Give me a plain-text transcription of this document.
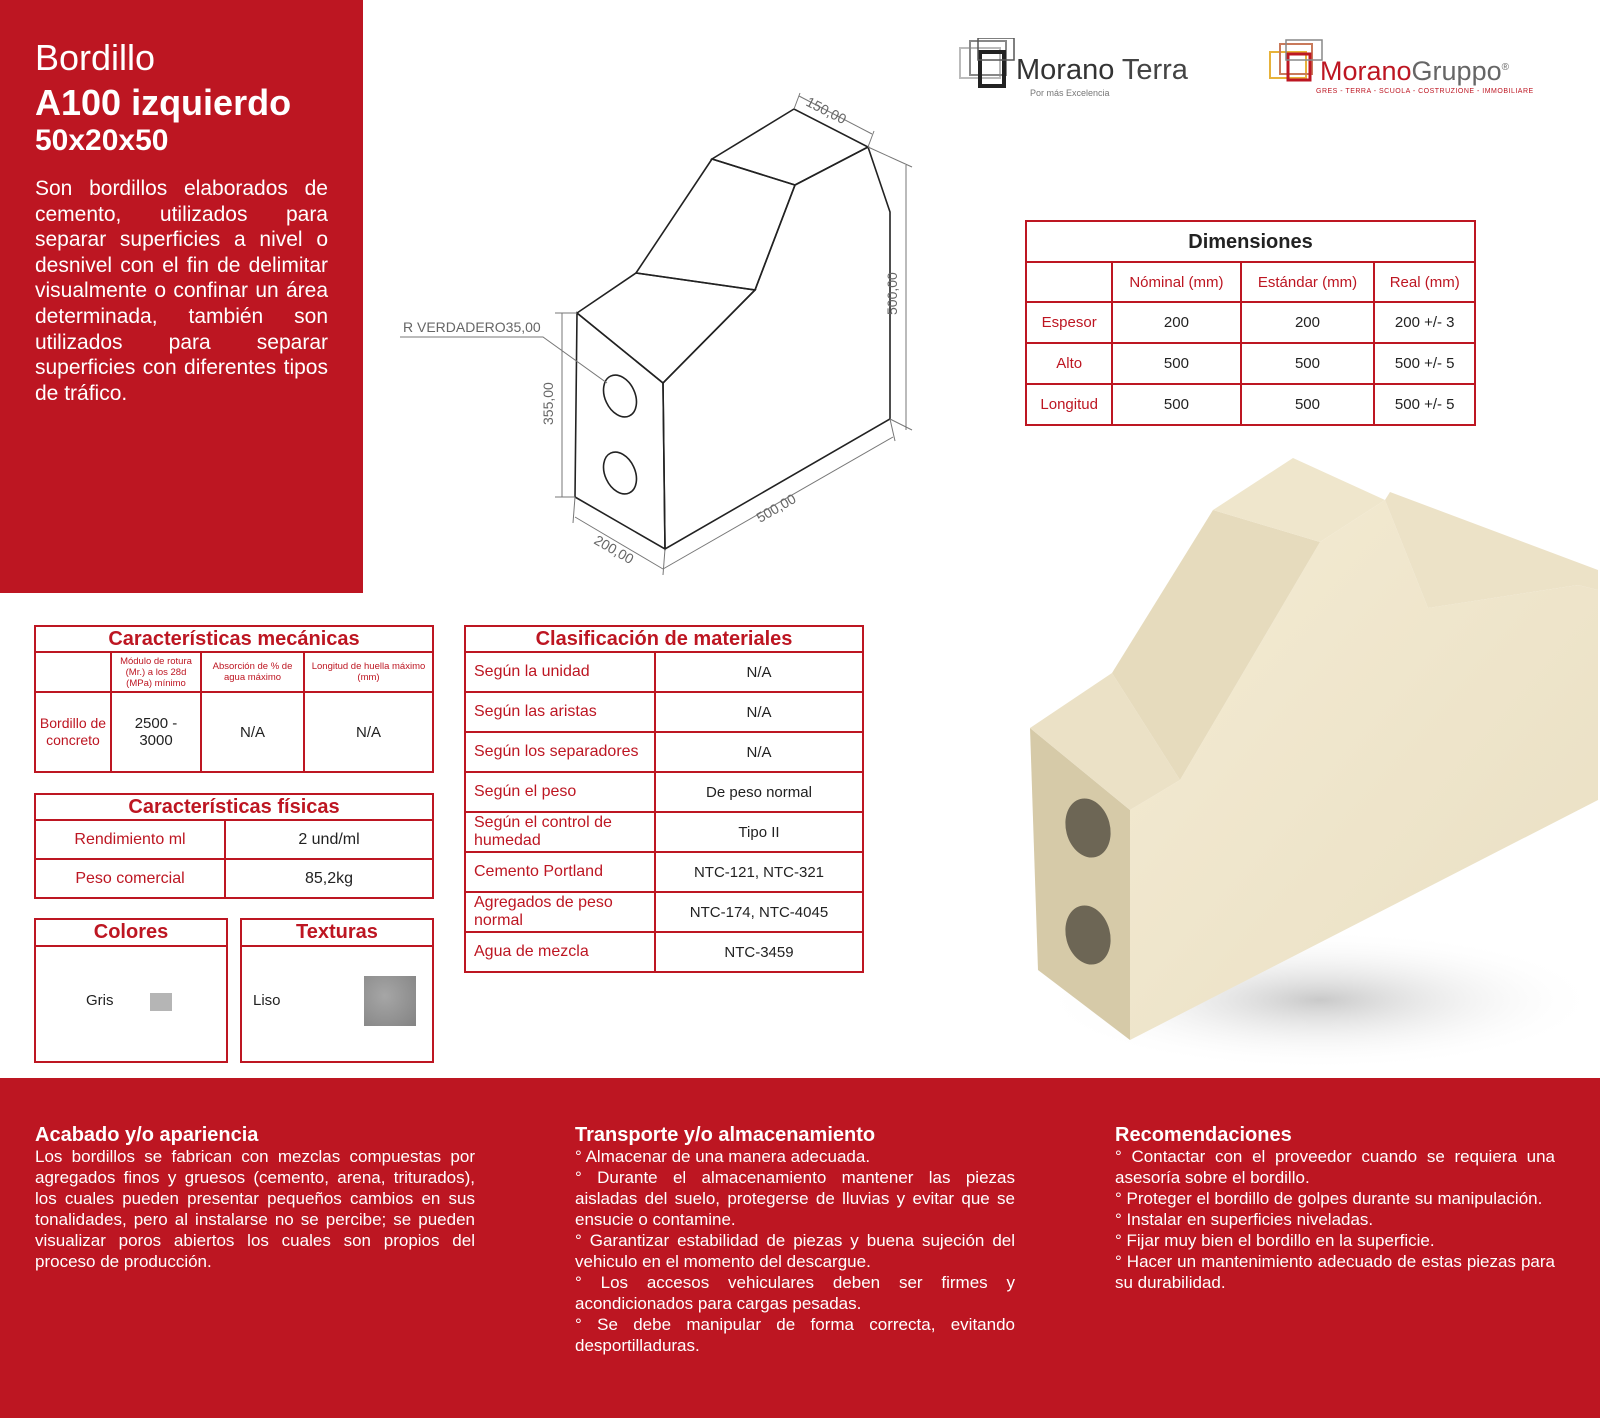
Bordillo
A100 izquierdo
50x20x50
Son bordillos elaborados de cemento, utilizados para separar superficies a nivel o desnivel con el fin de delimitar visualmente o confinar un área determinada, también son utilizados para separar superficies con diferentes tipos de tráfico.
Morano Terra
Por más Excelencia
MoranoGruppo®
GRES - TERRA - SCUOLA - COSTRUZIONE - IMMOBILIARE
150,00
500,00
R VERDADERO35,00
355,00
500,00
200,00
Dimensiones			
	Nóminal (mm)	Estándar (mm)	Real (mm)
Espesor	200	200	200 +/- 3
Alto	500	500	500 +/- 5
Longitud	500	500	500 +/- 5
Características mecánicas			
	Módulo de rotura (Mr.) a los 28d (MPa) mínimo	Absorción de % de agua máximo	Longitud de huella máximo (mm)
Bordillo de concreto	2500 - 3000	N/A	N/A
Características físicas	
Rendimiento ml	2 und/ml
Peso comercial	85,2kg
Colores
Gris
Texturas
Liso
Clasificación de materiales	
Según la unidad	N/A
Según las aristas	N/A
Según los separadores	N/A
Según el peso	De peso normal
Según el control de humedad	Tipo II
Cemento Portland	NTC-121, NTC-321
Agregados de peso normal	NTC-174, NTC-4045
Agua de mezcla	NTC-3459
Acabado y/o apariencia
Los bordillos se fabrican con mezclas compuestas por agregados finos y gruesos (cemento, arena, triturados), los cuales pueden presentar pequeños cambios en sus tonalidades, pero al instalarse no se percibe; se pueden visualizar poros abiertos los cuales son propios del proceso de producción.
Transporte y/o almacenamiento
° Almacenar de una manera adecuada.
° Durante el almacenamiento mantener las piezas aisladas del suelo, protegerse de lluvias y evitar que se ensucie o contamine.
° Garantizar estabilidad de piezas y buena sujeción del vehiculo en el momento del descargue.
° Los accesos vehiculares deben ser firmes y acondicionados para cargas pesadas.
° Se debe manipular de forma correcta, evitando desportilladuras.
Recomendaciones
° Contactar con el proveedor cuando se requiera una asesoría sobre el bordillo.
° Proteger el bordillo de golpes durante su manipulación.
° Instalar en superficies niveladas.
° Fijar muy bien el bordillo en la superficie.
° Hacer un mantenimiento adecuado de estas piezas para su durabilidad.
